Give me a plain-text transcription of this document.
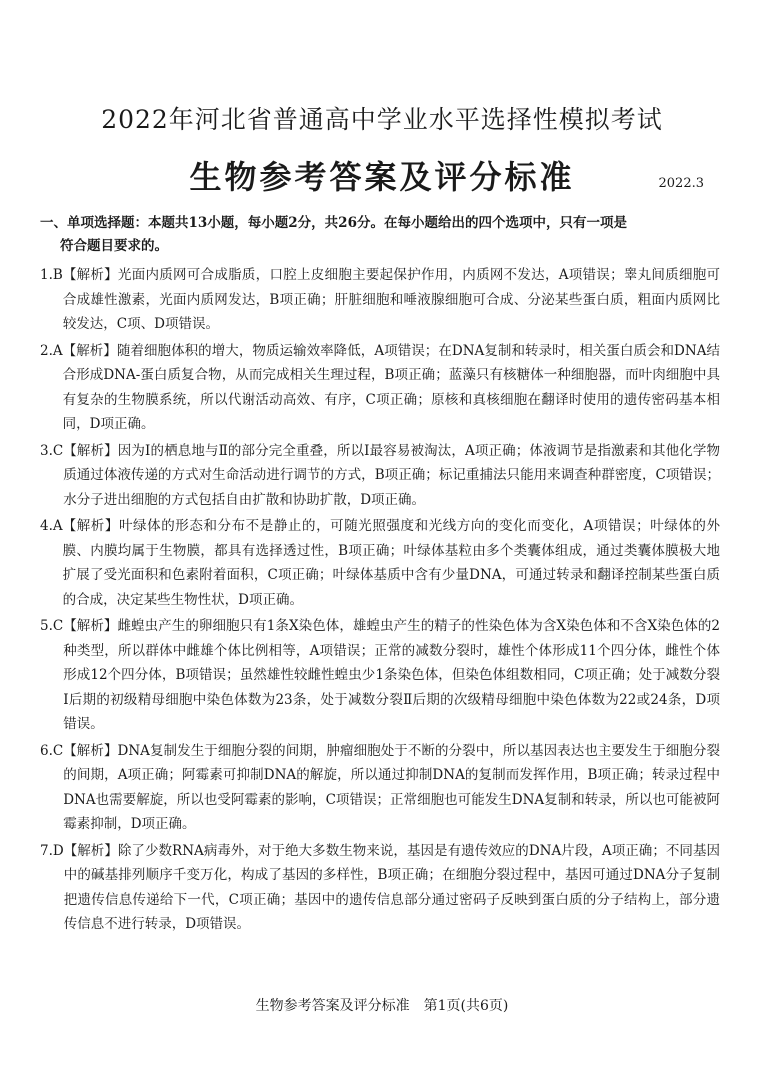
2022年河北省普通高中学业水平选择性模拟考试
生物参考答案及评分标准	2022.3
一、单项选择题：本题共13小题，每小题2分，共26分。在每小题给出的四个选项中，只有一项是
符合题目要求的。
1.B 【解析】光面内质网可合成脂质，口腔上皮细胞主要起保护作用，内质网不发达，A项错误；睾丸间质细胞可合成雄性激素，光面内质网发达，B项正确；肝脏细胞和唾液腺细胞可合成、分泌某些蛋白质，粗面内质网比较发达，C项、D项错误。
2.A 【解析】随着细胞体积的增大，物质运输效率降低，A项错误；在DNA复制和转录时，相关蛋白质会和DNA结合形成DNA-蛋白质复合物，从而完成相关生理过程，B项正确；蓝藻只有核糖体一种细胞器，而叶肉细胞中具有复杂的生物膜系统，所以代谢活动高效、有序，C项正确；原核和真核细胞在翻译时使用的遗传密码基本相同，D项正确。
3.C 【解析】因为Ⅰ的栖息地与Ⅱ的部分完全重叠，所以Ⅰ最容易被淘汰，A项正确；体液调节是指激素和其他化学物质通过体液传递的方式对生命活动进行调节的方式，B项正确；标记重捕法只能用来调查种群密度，C项错误；水分子进出细胞的方式包括自由扩散和协助扩散，D项正确。
4.A 【解析】叶绿体的形态和分布不是静止的，可随光照强度和光线方向的变化而变化，A项错误；叶绿体的外膜、内膜均属于生物膜，都具有选择透过性，B项正确；叶绿体基粒由多个类囊体组成，通过类囊体膜极大地扩展了受光面积和色素附着面积，C项正确；叶绿体基质中含有少量DNA，可通过转录和翻译控制某些蛋白质的合成，决定某些生物性状，D项正确。
5.C 【解析】雌蝗虫产生的卵细胞只有1条X染色体，雄蝗虫产生的精子的性染色体为含X染色体和不含X染色体的2种类型，所以群体中雌雄个体比例相等，A项错误；正常的减数分裂时，雄性个体形成11个四分体，雌性个体形成12个四分体，B项错误；虽然雄性较雌性蝗虫少1条染色体，但染色体组数相同，C项正确；处于减数分裂Ⅰ后期的初级精母细胞中染色体数为23条，处于减数分裂Ⅱ后期的次级精母细胞中染色体数为22或24条，D项错误。
6.C 【解析】DNA复制发生于细胞分裂的间期，肿瘤细胞处于不断的分裂中，所以基因表达也主要发生于细胞分裂的间期，A项正确；阿霉素可抑制DNA的解旋，所以通过抑制DNA的复制而发挥作用，B项正确；转录过程中DNA也需要解旋，所以也受阿霉素的影响，C项错误；正常细胞也可能发生DNA复制和转录，所以也可能被阿霉素抑制，D项正确。
7.D 【解析】除了少数RNA病毒外，对于绝大多数生物来说，基因是有遗传效应的DNA片段，A项正确；不同基因中的碱基排列顺序千变万化，构成了基因的多样性，B项正确；在细胞分裂过程中，基因可通过DNA分子复制把遗传信息传递给下一代，C项正确；基因中的遗传信息部分通过密码子反映到蛋白质的分子结构上，部分遗传信息不进行转录，D项错误。
生物参考答案及评分标准　第1页(共6页)
